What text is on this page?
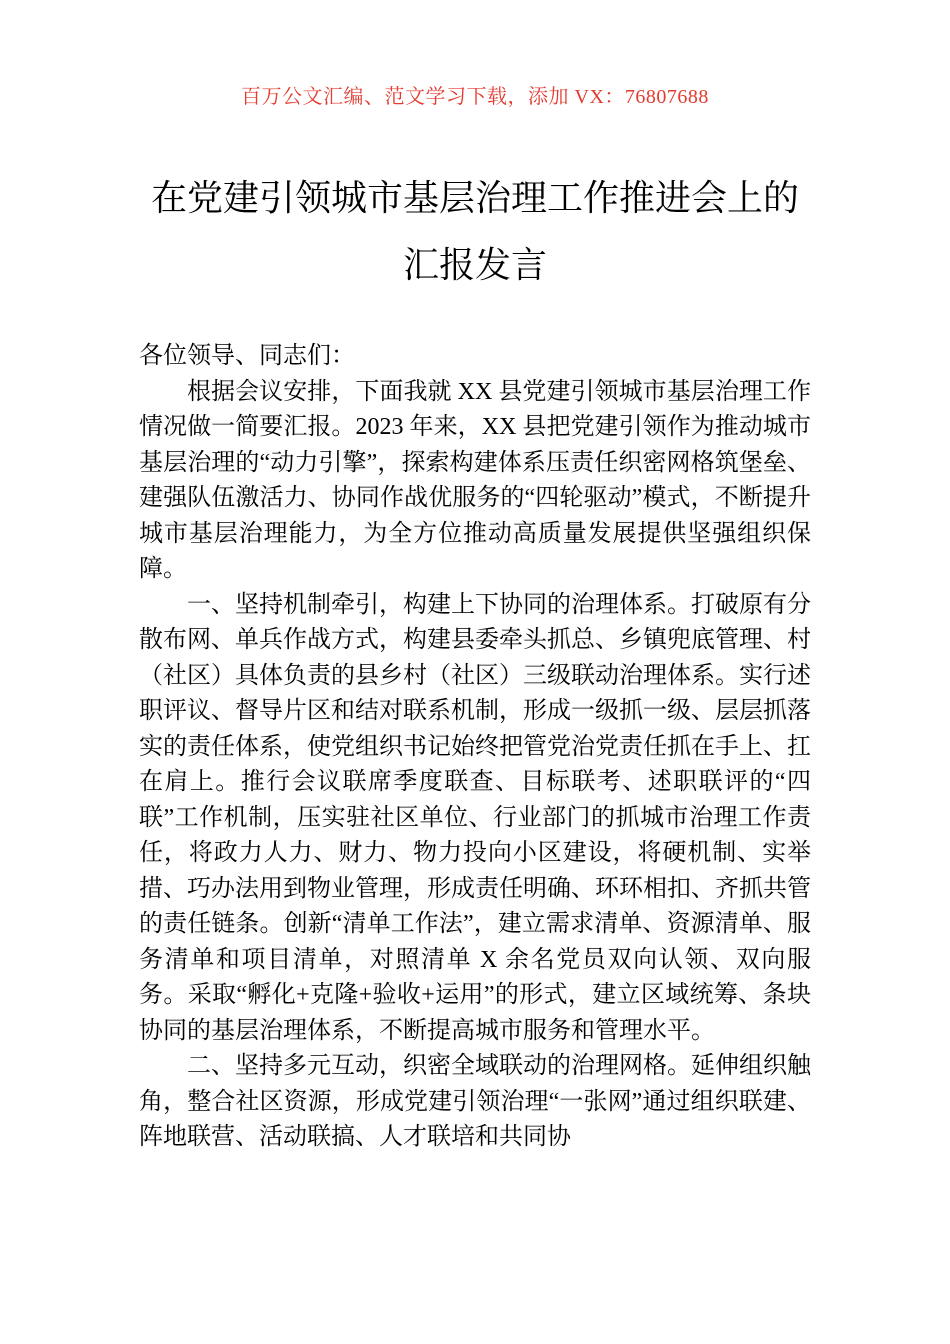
百万公文汇编、范文学习下载，添加 VX：76807688
在党建引领城市基层治理工作推进会上的
汇报发言

各位领导、同志们：

根据会议安排，下面我就 XX 县党建引领城市基层治理工作情况做一简要汇报。2023 年来，XX 县把党建引领作为推动城市基层治理的“动力引擎”，探索构建体系压责任织密网格筑堡垒、建强队伍激活力、协同作战优服务的“四轮驱动”模式，不断提升城市基层治理能力，为全方位推动高质量发展提供坚强组织保障。

一、坚持机制牵引，构建上下协同的治理体系。打破原有分散布网、单兵作战方式，构建县委牵头抓总、乡镇兜底管理、村（社区）具体负责的县乡村（社区）三级联动治理体系。实行述职评议、督导片区和结对联系机制，形成一级抓一级、层层抓落实的责任体系，使党组织书记始终把管党治党责任抓在手上、扛在肩上。推行会议联席季度联查、目标联考、述职联评的“四联”工作机制，压实驻社区单位、行业部门的抓城市治理工作责任，将政力人力、财力、物力投向小区建设，将硬机制、实举措、巧办法用到物业管理，形成责任明确、环环相扣、齐抓共管的责任链条。创新“清单工作法”，建立需求清单、资源清单、服务清单和项目清单，对照清单 X 余名党员双向认领、双向服务。采取“孵化+克隆+验收+运用”的形式，建立区域统筹、条块协同的基层治理体系，不断提高城市服务和管理水平。

二、坚持多元互动，织密全域联动的治理网格。延伸组织触角，整合社区资源，形成党建引领治理“一张网”通过组织联建、阵地联营、活动联搞、人才联培和共同协
